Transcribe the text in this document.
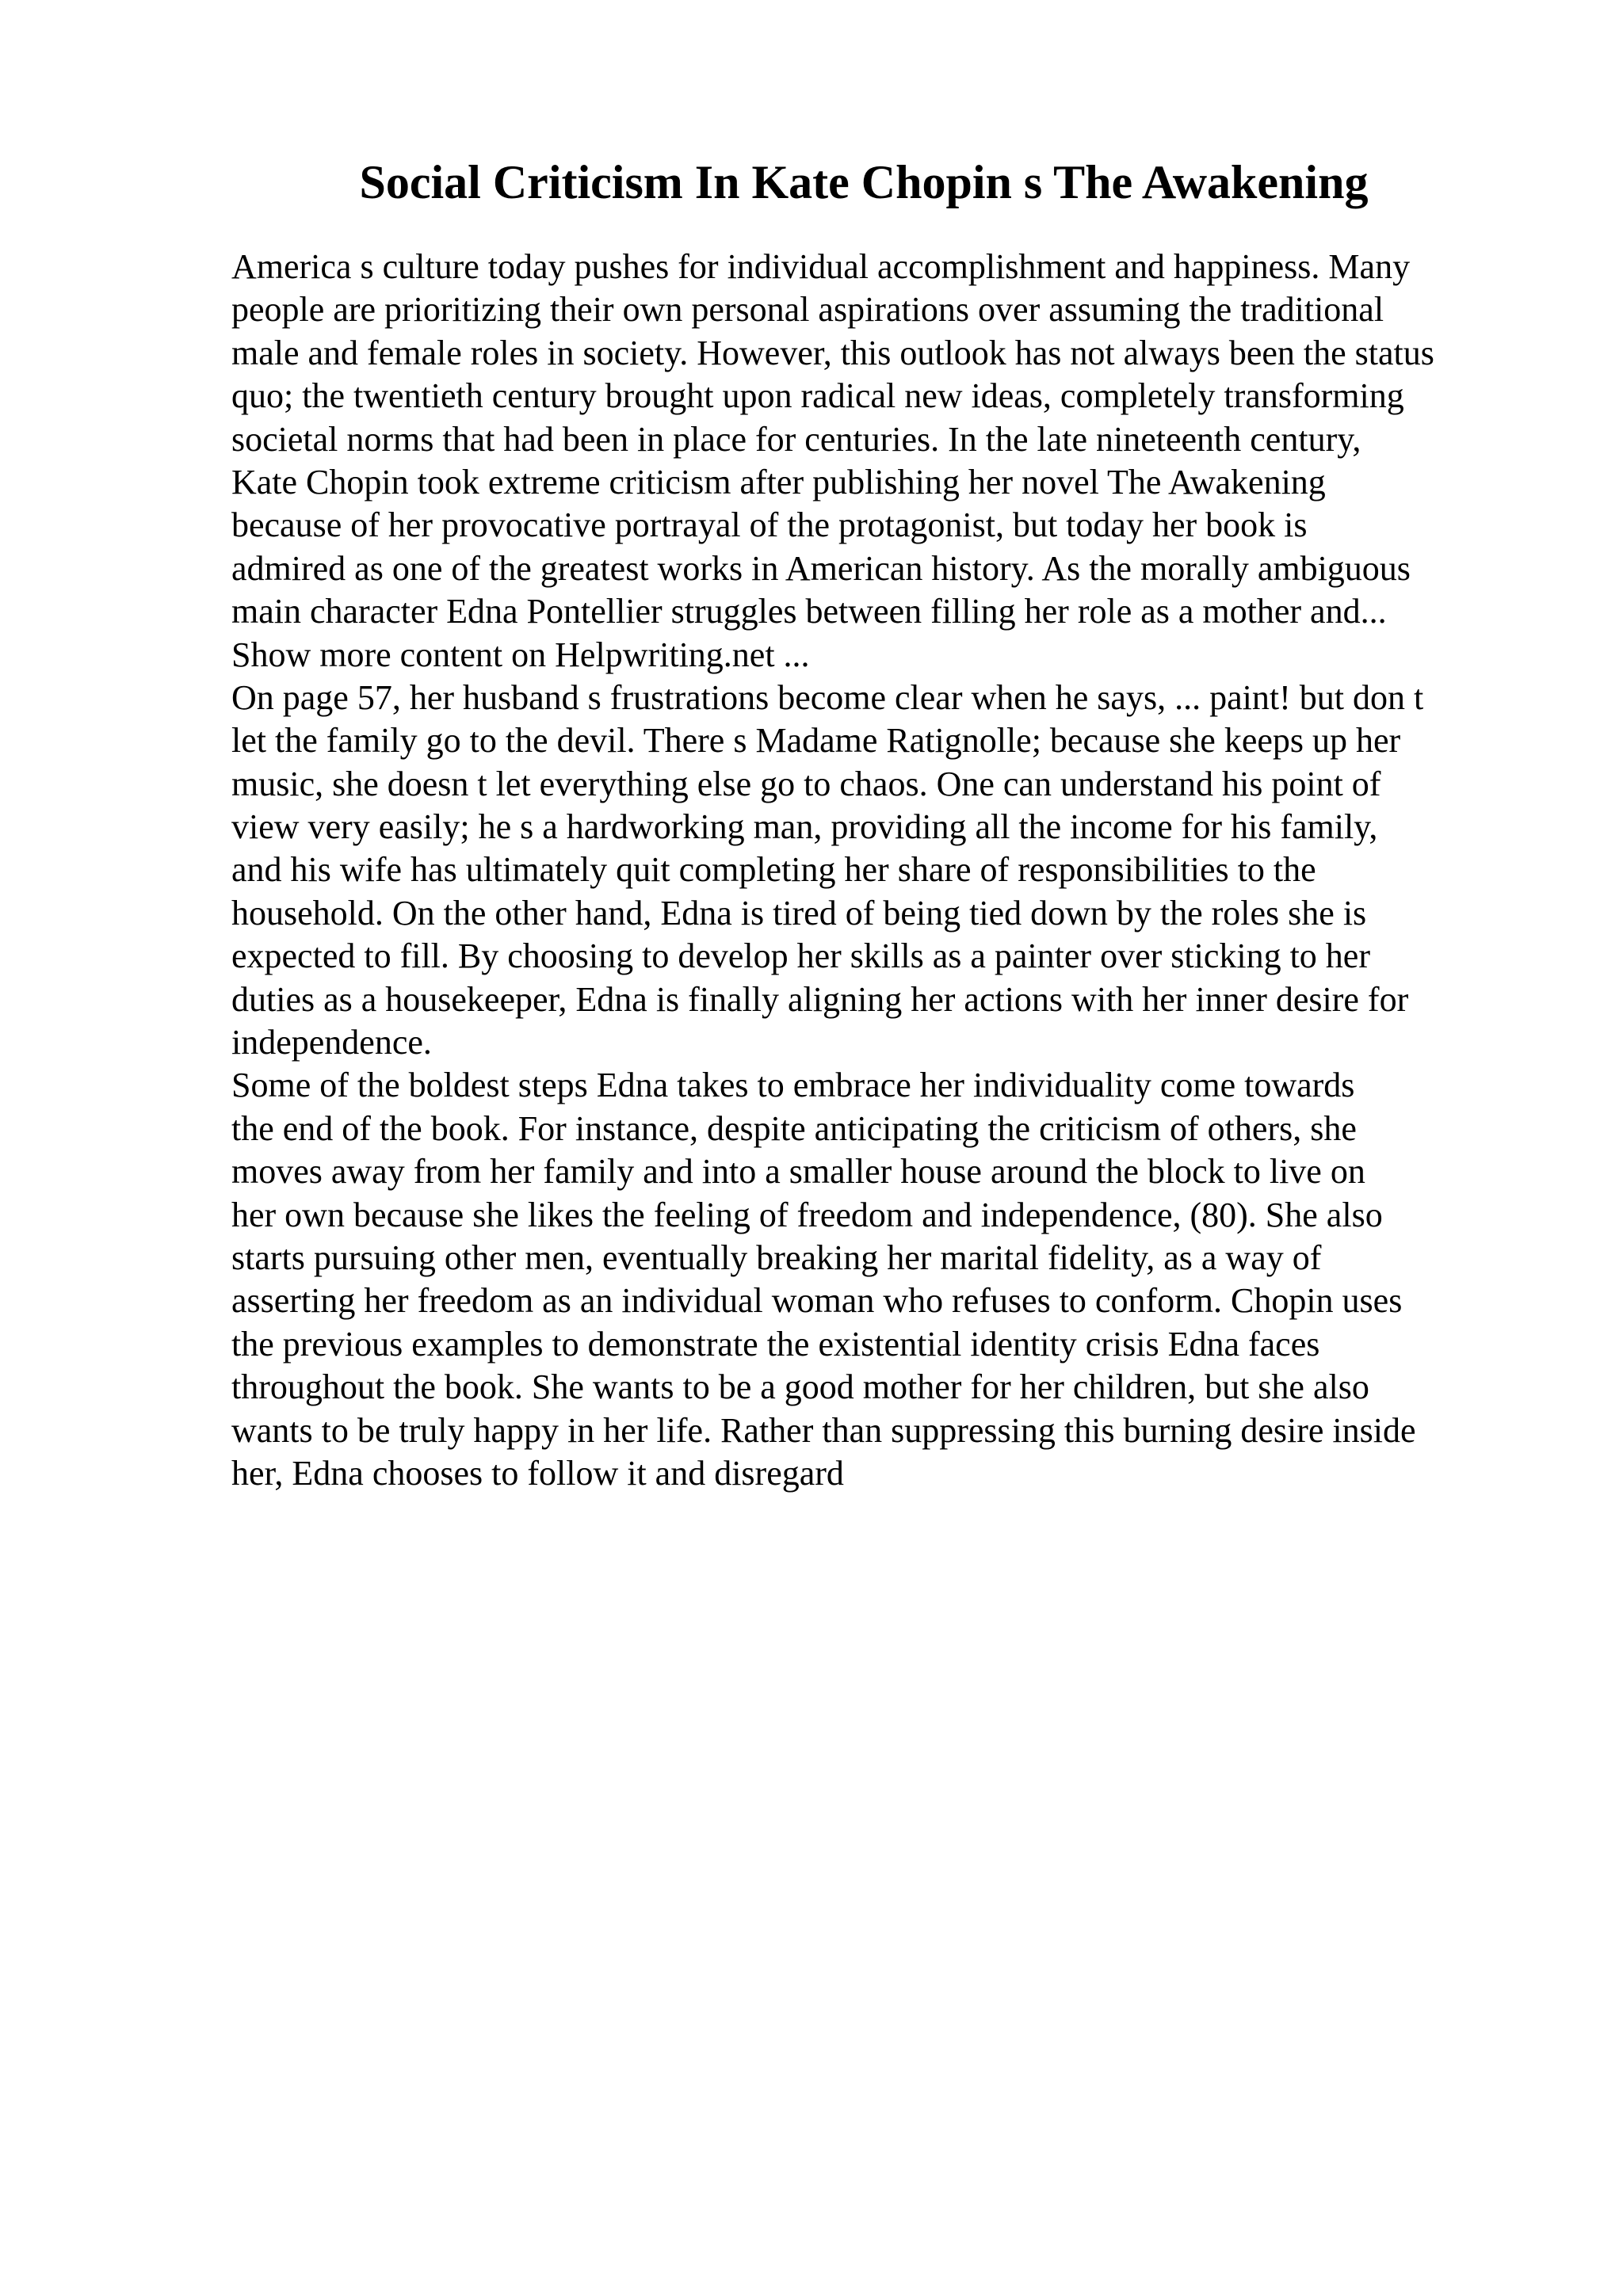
Social Criticism In Kate Chopin s The Awakening
America s culture today pushes for individual accomplishment and happiness. Many
people are prioritizing their own personal aspirations over assuming the traditional
male and female roles in society. However, this outlook has not always been the status
quo; the twentieth century brought upon radical new ideas, completely transforming
societal norms that had been in place for centuries. In the late nineteenth century,
Kate Chopin took extreme criticism after publishing her novel The Awakening
because of her provocative portrayal of the protagonist, but today her book is
admired as one of the greatest works in American history. As the morally ambiguous
main character Edna Pontellier struggles between filling her role as a mother and...
Show more content on Helpwriting.net ...
On page 57, her husband s frustrations become clear when he says, ... paint! but don t
let the family go to the devil. There s Madame Ratignolle; because she keeps up her
music, she doesn t let everything else go to chaos. One can understand his point of
view very easily; he s a hardworking man, providing all the income for his family,
and his wife has ultimately quit completing her share of responsibilities to the
household. On the other hand, Edna is tired of being tied down by the roles she is
expected to fill. By choosing to develop her skills as a painter over sticking to her
duties as a housekeeper, Edna is finally aligning her actions with her inner desire for
independence.
Some of the boldest steps Edna takes to embrace her individuality come towards
the end of the book. For instance, despite anticipating the criticism of others, she
moves away from her family and into a smaller house around the block to live on
her own because she likes the feeling of freedom and independence, (80). She also
starts pursuing other men, eventually breaking her marital fidelity, as a way of
asserting her freedom as an individual woman who refuses to conform. Chopin uses
the previous examples to demonstrate the existential identity crisis Edna faces
throughout the book. She wants to be a good mother for her children, but she also
wants to be truly happy in her life. Rather than suppressing this burning desire inside
her, Edna chooses to follow it and disregard
